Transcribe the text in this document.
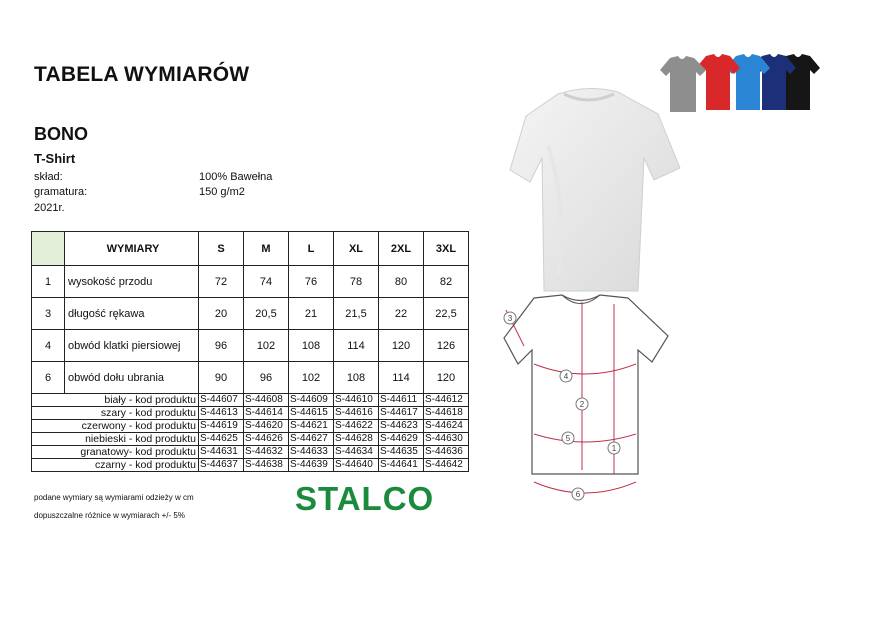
TABELA WYMIARÓW
BONO
T-Shirt
skład:	100% Bawełna
gramatura:	150 g/m2
2021r.
	WYMIARY	S	M	L	XL	2XL	3XL
1	wysokość przodu	72	74	76	78	80	82
3	długość rękawa	20	20,5	21	21,5	22	22,5
4	obwód klatki piersiowej	96	102	108	114	120	126
6	obwód dołu ubrania	90	96	102	108	114	120
biały - kod produktu		S-44607	S-44608	S-44609	S-44610	S-44611	S-44612
szary - kod produktu		S-44613	S-44614	S-44615	S-44616	S-44617	S-44618
czerwony - kod produktu		S-44619	S-44620	S-44621	S-44622	S-44623	S-44624
niebieski - kod produktu		S-44625	S-44626	S-44627	S-44628	S-44629	S-44630
granatowy- kod produktu		S-44631	S-44632	S-44633	S-44634	S-44635	S-44636
czarny - kod produktu		S-44637	S-44638	S-44639	S-44640	S-44641	S-44642
podane wymiary są wymiarami odzieży w cm
dopuszczalne różnice w wymiarach +/- 5%	STALCO
3
4
2
5
1
6
